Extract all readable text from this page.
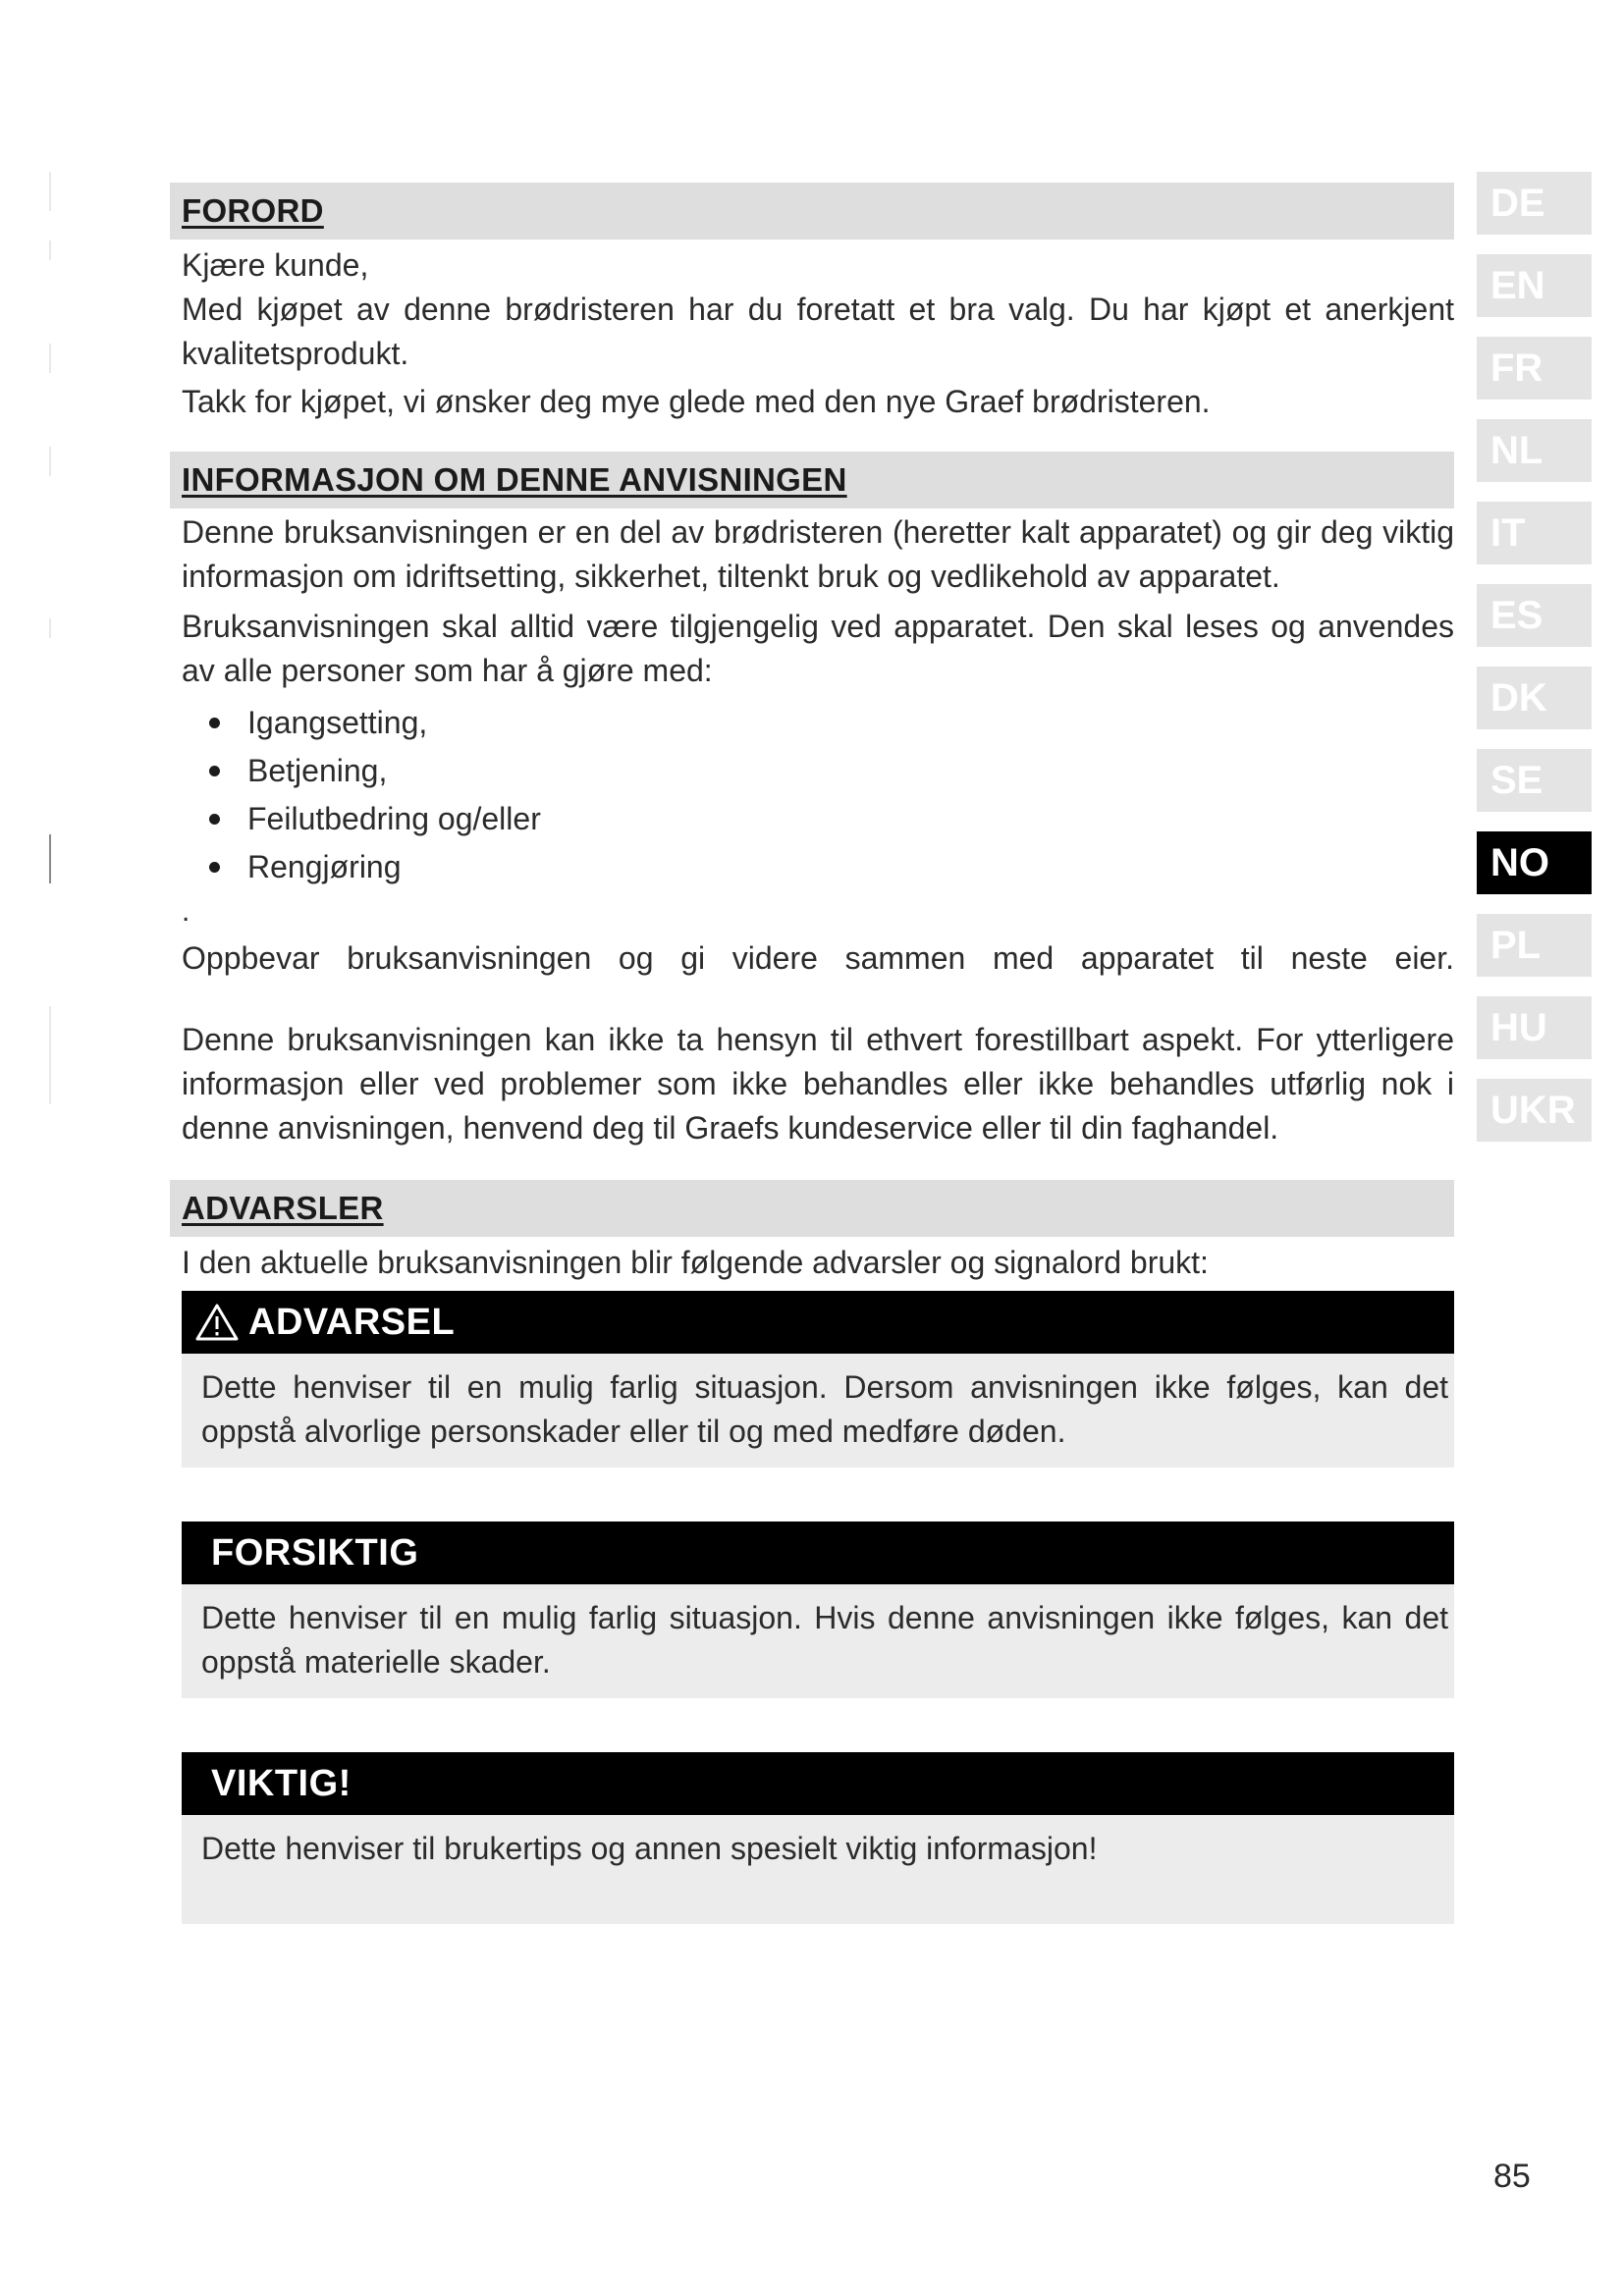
FORORD

Kjære kunde,

Med kjøpet av denne brødristeren har du foretatt et bra valg. Du har kjøpt et anerkjent kvalitetsprodukt.

Takk for kjøpet, vi ønsker deg mye glede med den nye Graef brødristeren.

INFORMASJON OM DENNE ANVISNINGEN

Denne bruksanvisningen er en del av brødristeren (heretter kalt apparatet) og gir deg viktig informasjon om idriftsetting, sikkerhet, tiltenkt bruk og vedlikehold av apparatet.

Bruksanvisningen skal alltid være tilgjengelig ved apparatet. Den skal leses og anvendes av alle personer som har å gjøre med:

Igangsetting,
Betjening,
Feilutbedring og/eller
Rengjøring
.
Oppbevar bruksanvisningen og gi videre sammen med apparatet til neste eier.

Denne bruksanvisningen kan ikke ta hensyn til ethvert forestillbart aspekt. For ytterligere informasjon eller ved problemer som ikke behandles eller ikke behandles utførlig nok i denne anvisningen, henvend deg til Graefs kundeservice eller til din faghandel.

ADVARSLER

I den aktuelle bruksanvisningen blir følgende advarsler og signalord brukt:

ADVARSEL
Dette henviser til en mulig farlig situasjon. Dersom anvisningen ikke følges, kan det oppstå alvorlige personskader eller til og med medføre døden.
FORSIKTIG
Dette henviser til en mulig farlig situasjon. Hvis denne anvisningen ikke følges, kan det oppstå materielle skader.
VIKTIG!
Dette henviser til brukertips og annen spesielt viktig informasjon!
DE
EN
FR
NL
IT
ES
DK
SE
NO
PL
HU
UKR
85
